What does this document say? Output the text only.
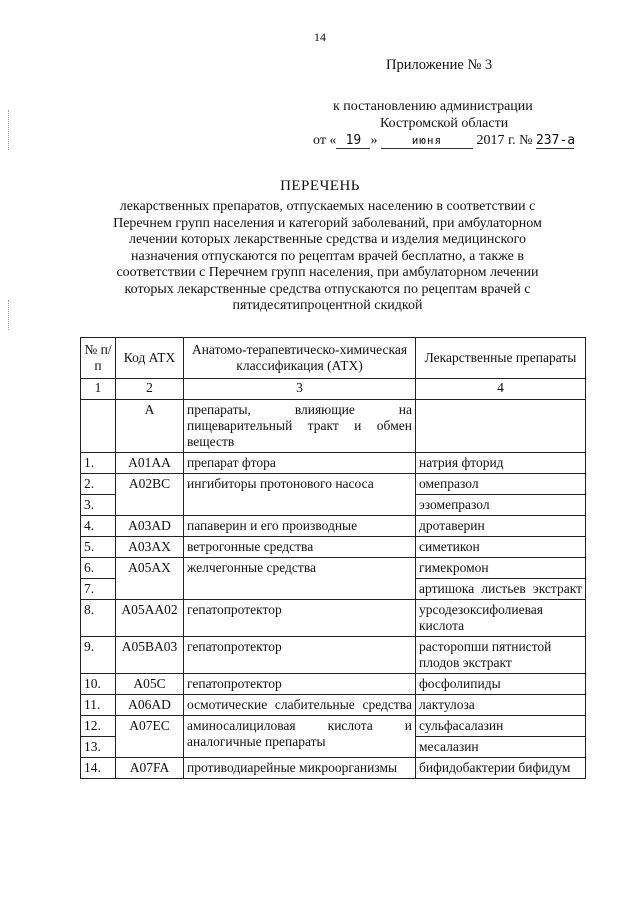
14
Приложение № 3
к постановлению администрации
Костромской области
от « 19 »	июня 2017 г. № 237-а
ПЕРЕЧЕНЬ
лекарственных препаратов, отпускаемых населению в соответствии с Перечнем групп населения и категорий заболеваний, при амбулаторном лечении которых лекарственные средства и изделия медицинского назначения отпускаются по рецептам врачей бесплатно, а также в соответствии с Перечнем групп населения, при амбулаторном лечении которых лекарственные средства отпускаются по рецептам врачей с пятидесятипроцентной скидкой
№ п/п	Код АТХ	Анатомо-терапевтическо-химическая классификация (АТХ)	Лекарственные препараты
1	2	3	4
	А	препараты, влияющие на пищеварительный тракт и обмен веществ	
1.	A01AA	препарат фтора	натрия фторид
2.	A02BC	ингибиторы протонового насоса	омепразол
3.			эзомепразол
4.	A03AD	папаверин и его производные	дротаверин
5.	A03AX	ветрогонные средства	симетикон
6.	A05AX	желчегонные средства	гимекромон
7.			артишока листьев экстракт
8.	A05AA02	гепатопротектор	урсодезоксифолиевая кислота
9.	A05BA03	гепатопротектор	расторопши пятнистой плодов экстракт
10.	A05C	гепатопротектор	фосфолипиды
11.	A06AD	осмотические слабительные средства	лактулоза
12.	A07EC	аминосалициловая кислота и аналогичные препараты	сульфасалазин
13.			месалазин
14.	A07FA	противодиарейные микроорганизмы	бифидобактерии бифидум
